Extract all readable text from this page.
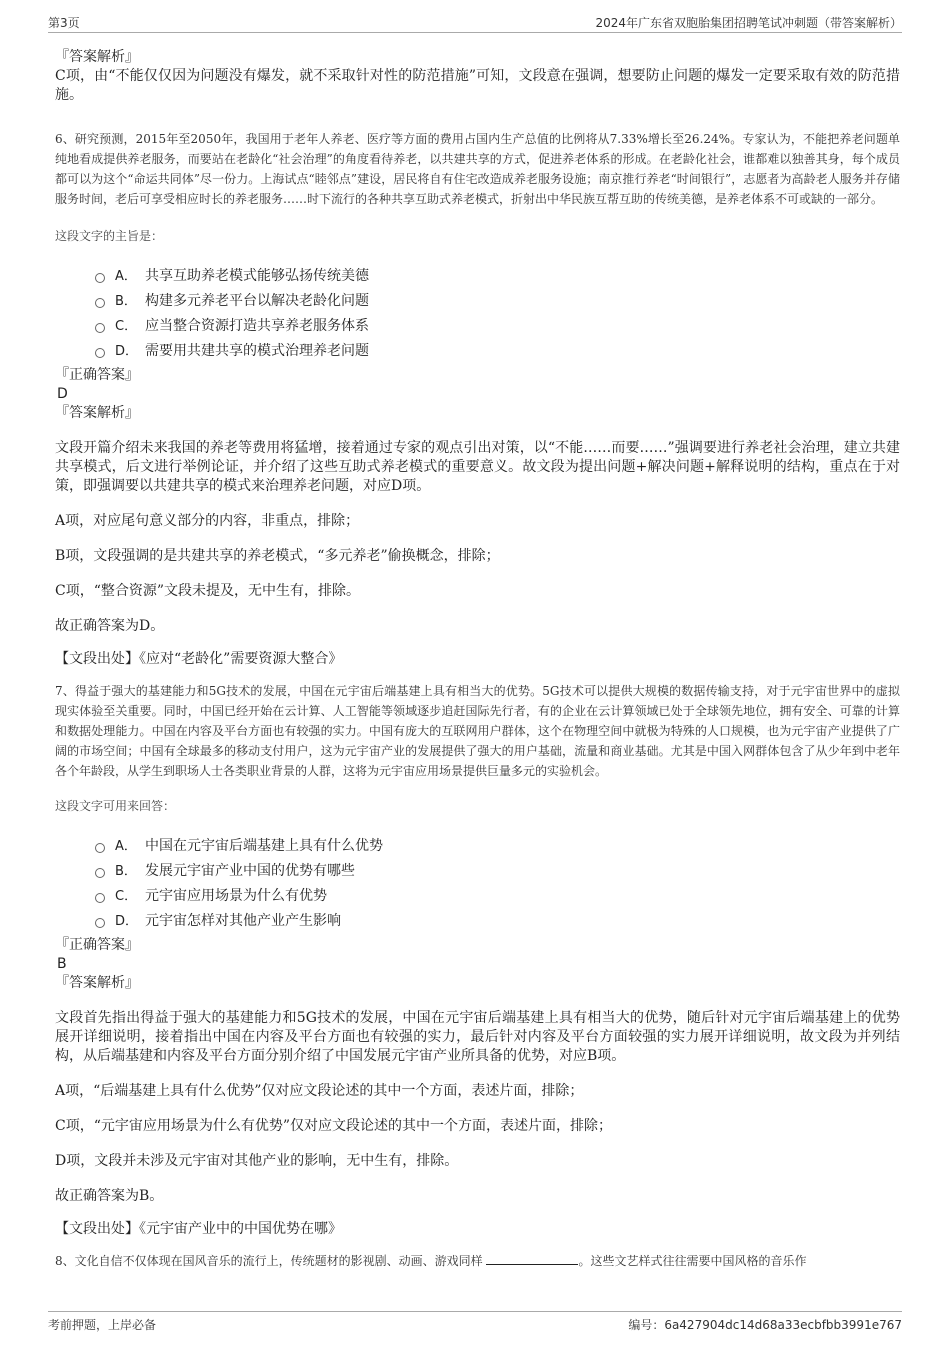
第3页	2024年广东省双胞胎集团招聘笔试冲刺题（带答案解析）

『答案解析』

C项，由“不能仅仅因为问题没有爆发，就不采取针对性的防范措施”可知，文段意在强调，想要防止问题的爆发一定要采取有效的防范措施。

6、研究预测，2015年至2050年，我国用于老年人养老、医疗等方面的费用占国内生产总值的比例将从7.33%增长至26.24%。专家认为，不能把养老问题单纯地看成提供养老服务，而要站在老龄化“社会治理”的角度看待养老，以共建共享的方式，促进养老体系的形成。在老龄化社会，谁都难以独善其身，每个成员都可以为这个“命运共同体”尽一份力。上海试点“睦邻点”建设，居民将自有住宅改造成养老服务设施；南京推行养老“时间银行”，志愿者为高龄老人服务并存储服务时间，老后可享受相应时长的养老服务……时下流行的各种共享互助式养老模式，折射出中华民族互帮互助的传统美德，是养老体系不可或缺的一部分。

这段文字的主旨是：

A． 共享互助养老模式能够弘扬传统美德
B． 构建多元养老平台以解决老龄化问题
C． 应当整合资源打造共享养老服务体系
D． 需要用共建共享的模式治理养老问题

『正确答案』

D

『答案解析』

文段开篇介绍未来我国的养老等费用将猛增，接着通过专家的观点引出对策，以“不能……而要……”强调要进行养老社会治理，建立共建共享模式，后文进行举例论证，并介绍了这些互助式养老模式的重要意义。故文段为提出问题+解决问题+解释说明的结构，重点在于对策，即强调要以共建共享的模式来治理养老问题，对应D项。

A项，对应尾句意义部分的内容，非重点，排除；

B项，文段强调的是共建共享的养老模式，“多元养老”偷换概念，排除；

C项，“整合资源”文段未提及，无中生有，排除。

故正确答案为D。

【文段出处】《应对“老龄化”需要资源大整合》

7、得益于强大的基建能力和5G技术的发展，中国在元宇宙后端基建上具有相当大的优势。5G技术可以提供大规模的数据传输支持，对于元宇宙世界中的虚拟现实体验至关重要。同时，中国已经开始在云计算、人工智能等领域逐步追赶国际先行者，有的企业在云计算领域已处于全球领先地位，拥有安全、可靠的计算和数据处理能力。中国在内容及平台方面也有较强的实力。中国有庞大的互联网用户群体，这个在物理空间中就极为特殊的人口规模，也为元宇宙产业提供了广阔的市场空间；中国有全球最多的移动支付用户，这为元宇宙产业的发展提供了强大的用户基础，流量和商业基础。尤其是中国入网群体包含了从少年到中老年各个年龄段，从学生到职场人士各类职业背景的人群，这将为元宇宙应用场景提供巨量多元的实验机会。

这段文字可用来回答：

A． 中国在元宇宙后端基建上具有什么优势
B． 发展元宇宙产业中国的优势有哪些
C． 元宇宙应用场景为什么有优势
D． 元宇宙怎样对其他产业产生影响

『正确答案』

B

『答案解析』

文段首先指出得益于强大的基建能力和5G技术的发展，中国在元宇宙后端基建上具有相当大的优势，随后针对元宇宙后端基建上的优势展开详细说明，接着指出中国在内容及平台方面也有较强的实力，最后针对内容及平台方面较强的实力展开详细说明，故文段为并列结构，从后端基建和内容及平台方面分别介绍了中国发展元宇宙产业所具备的优势，对应B项。

A项，“后端基建上具有什么优势”仅对应文段论述的其中一个方面，表述片面，排除；

C项，“元宇宙应用场景为什么有优势”仅对应文段论述的其中一个方面，表述片面，排除；

D项，文段并未涉及元宇宙对其他产业的影响，无中生有，排除。

故正确答案为B。

【文段出处】《元宇宙产业中的中国优势在哪》

8、文化自信不仅体现在国风音乐的流行上，传统题材的影视剧、动画、游戏同样	。这些文艺样式往往需要中国风格的音乐作

考前押题，上岸必备	编号：6a427904dc14d68a33ecbfbb3991e767
